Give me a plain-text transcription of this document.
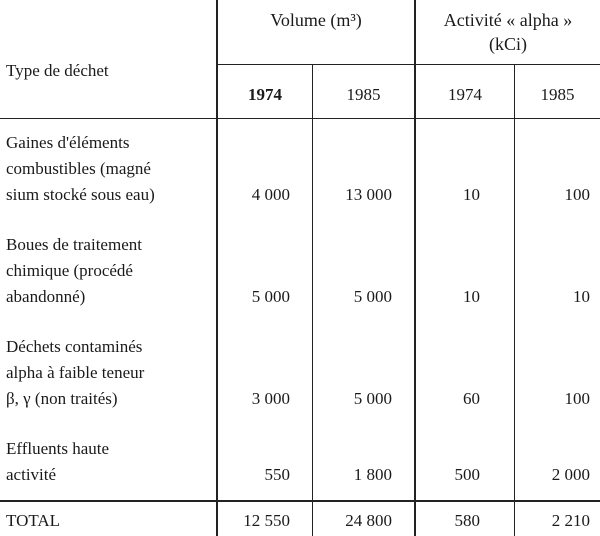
Type de déchet
Volume (m³)	Activité « alpha »
(kCi)
1974	1985	1974	1985
Gaines d'éléments
combustibles (magné
sium stocké sous eau)	4 000	13 000	10	100
Boues de traitement
chimique (procédé
abandonné)	5 000	5 000	10	10
Déchets contaminés
alpha à faible teneur
β, γ (non traités)	3 000	5 000	60	100
Effluents haute
activité	550	1 800	500	2 000
TOTAL	12 550	24 800	580	2 210
